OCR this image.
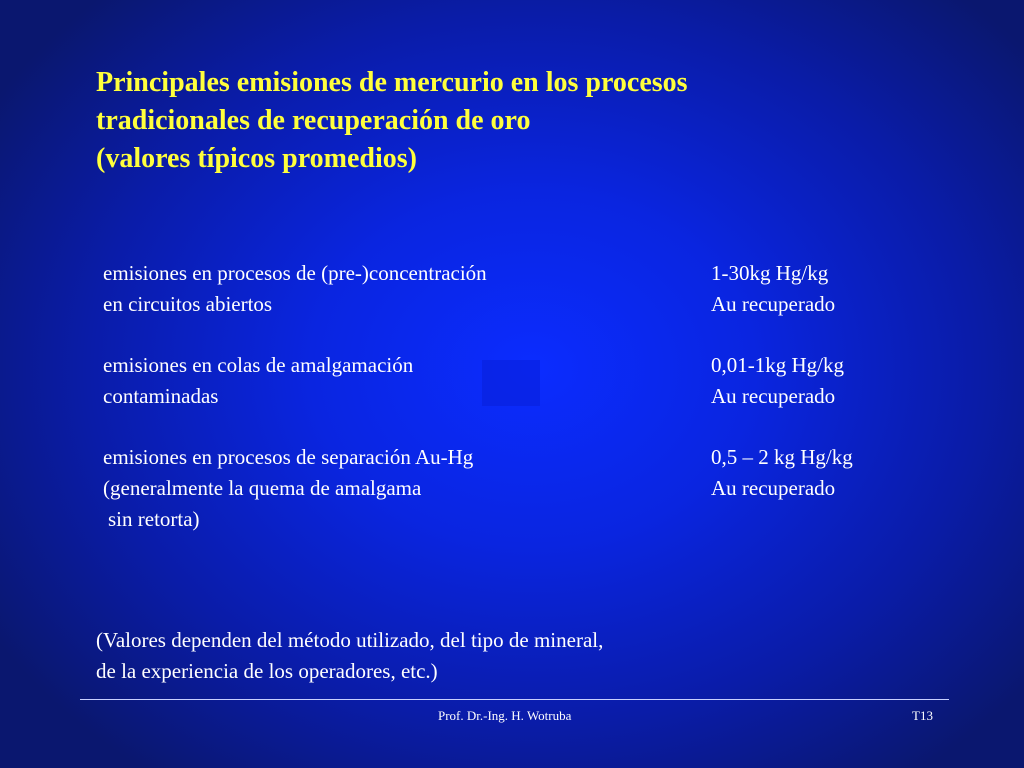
Principales emisiones de mercurio en los procesos
tradicionales de recuperación de oro
(valores típicos promedios)
emisiones en procesos de (pre-)concentración
en circuitos abiertos
1-30kg Hg/kg
Au recuperado
emisiones en colas de amalgamación
contaminadas
0,01-1kg Hg/kg
Au recuperado
emisiones en procesos de separación Au-Hg
(generalmente la quema de amalgama
sin retorta)
0,5 – 2 kg Hg/kg
Au recuperado
(Valores dependen del método utilizado, del tipo de mineral,
de la experiencia de los operadores, etc.)
Prof. Dr.-Ing. H. Wotruba	T13
